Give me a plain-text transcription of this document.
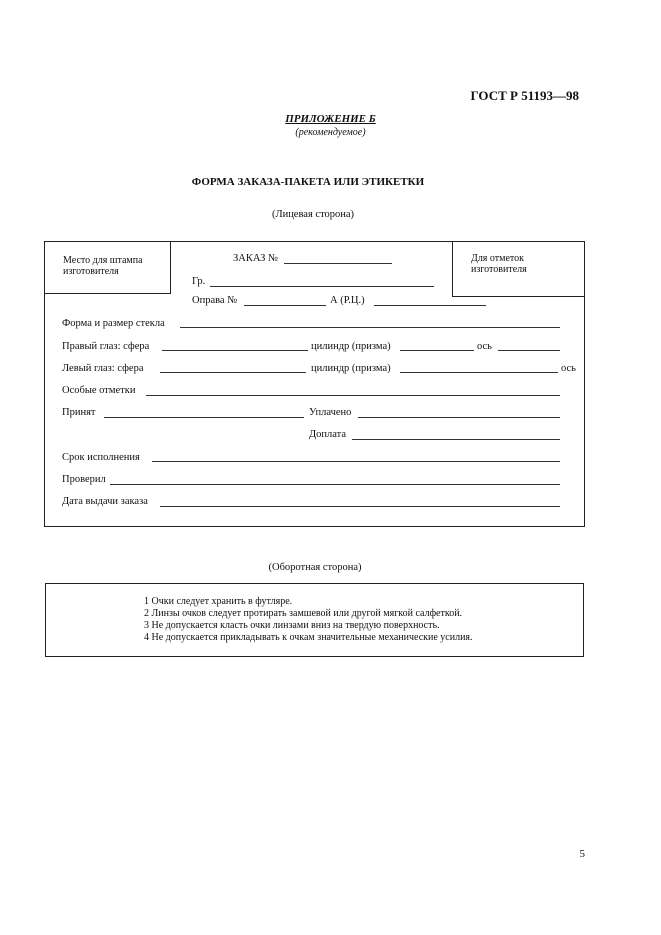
ГОСТ Р 51193—98
ПРИЛОЖЕНИЕ Б
(рекомендуемое)
ФОРМА ЗАКАЗА-ПАКЕТА ИЛИ ЭТИКЕТКИ
(Лицевая сторона)
Место для штампа
изготовителя
Для отметок
изготовителя
ЗАКАЗ №
Гр.
Оправа №	А (Р.Ц.)
Форма и размер стекла
Правый глаз: сфера	цилиндр (призма)	ось
Левый глаз: сфера	цилиндр (призма)	ось
Особые отметки
Принят	Уплачено
Доплата
Срок исполнения
Проверил
Дата выдачи заказа
(Оборотная сторона)
1 Очки следует хранить в футляре.
2 Линзы очков следует протирать замшевой или другой мягкой салфеткой.
3 Не допускается класть очки линзами вниз на твердую поверхность.
4 Не допускается прикладывать к очкам значительные механические усилия.
5
